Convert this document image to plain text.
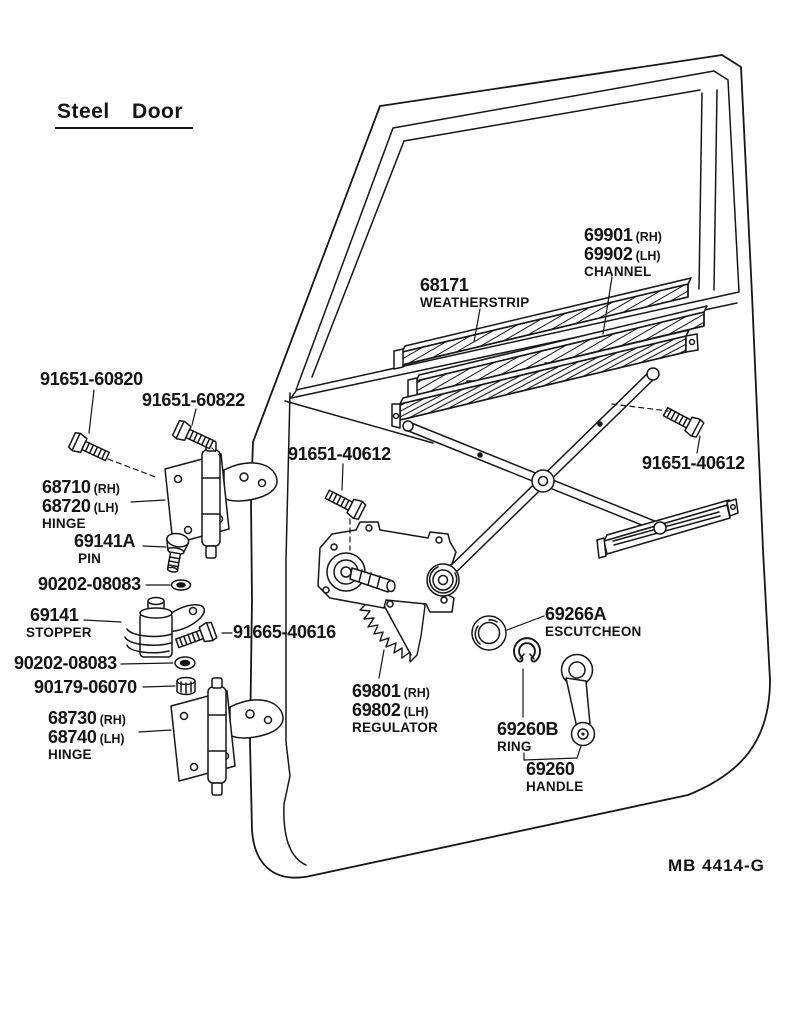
Steel Door
69901 (RH)
69902 (LH)
CHANNEL
68171
WEATHERSTRIP
91651-60820
91651-60822
91651-40612	91651-40612
68710 (RH)
68720 (LH)
HINGE
69141A
PIN
90202-08083
69141
STOPPER	91665-40616
90202-08083
90179-06070
68730 (RH)
68740 (LH)
HINGE
69801 (RH)
69802 (LH)
REGULATOR
69266A
ESCUTCHEON
69260B
RING
69260
HANDLE
MB 4414-G
